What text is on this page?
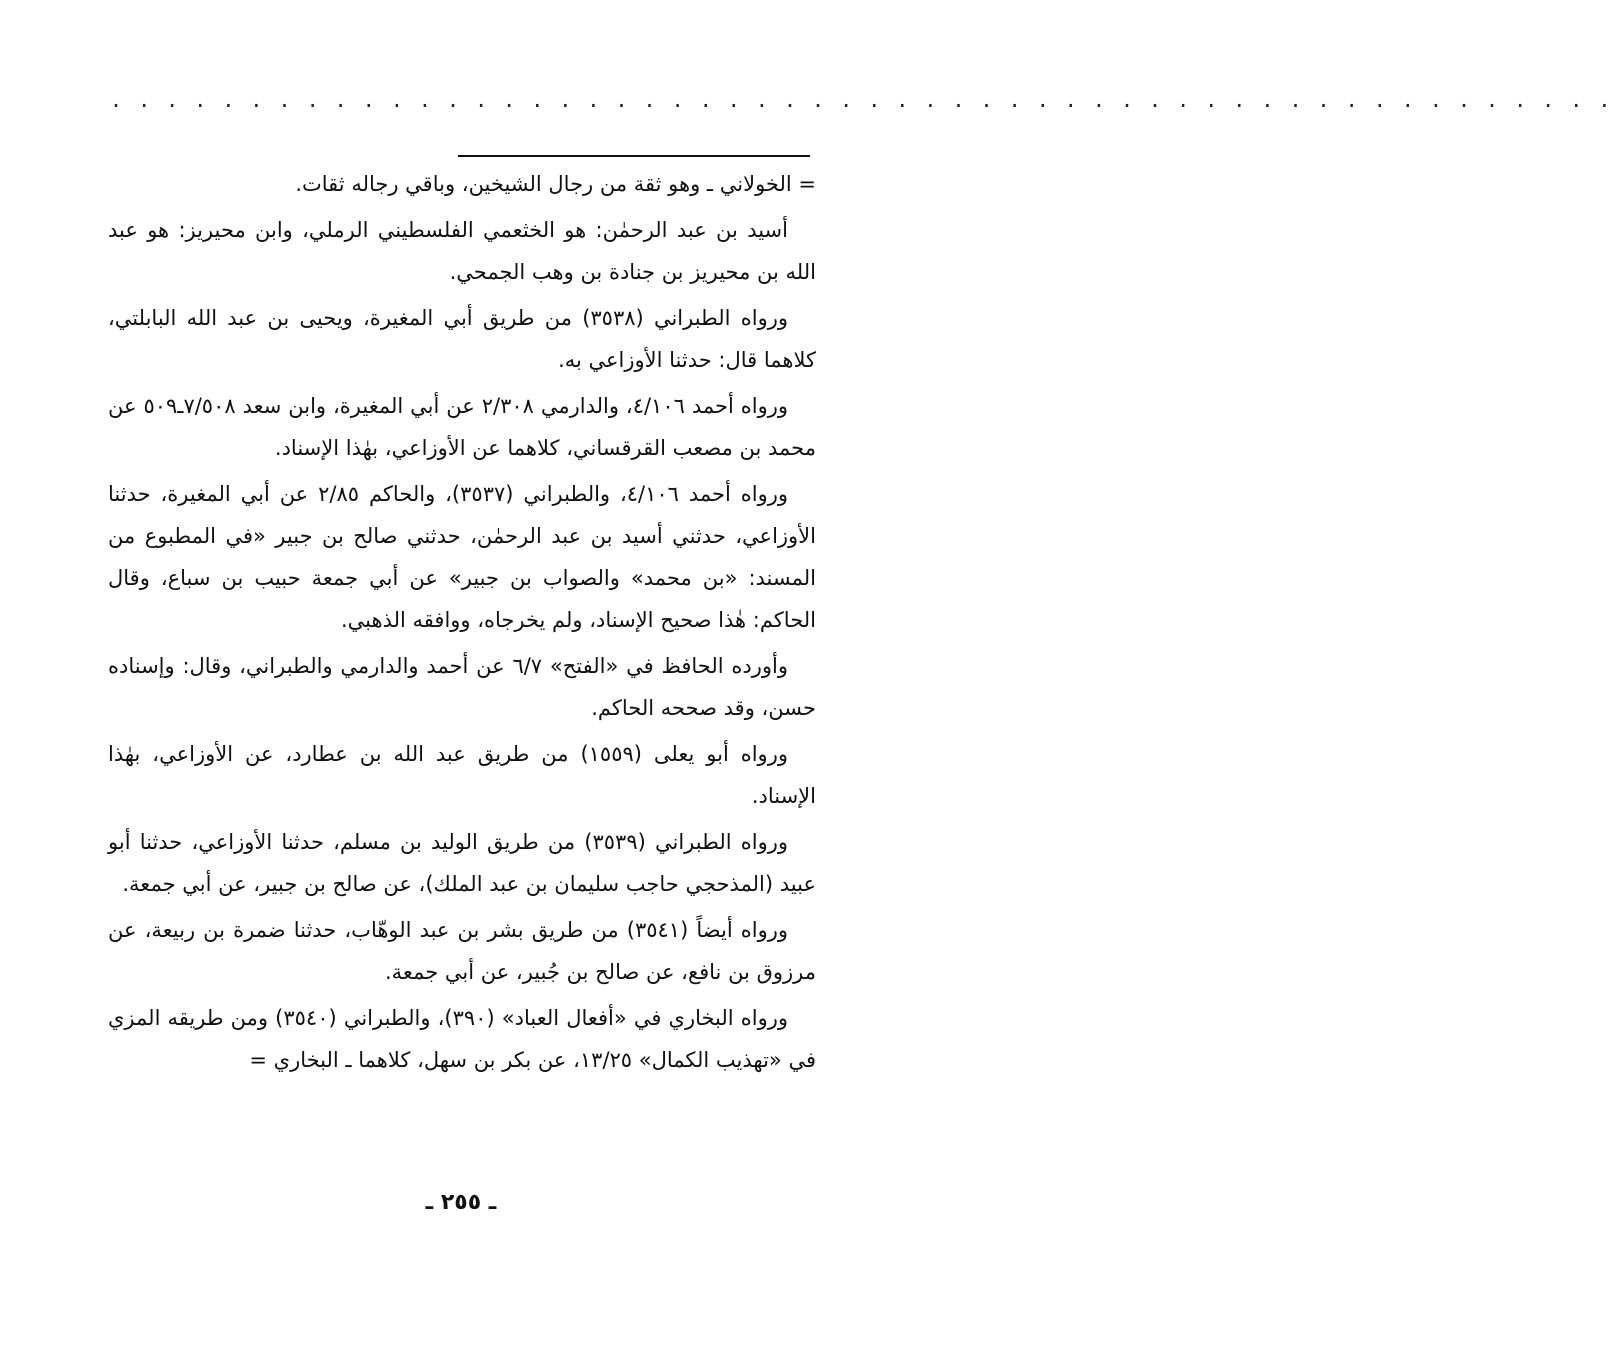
. . . . . . . . . . . . . . . . . . . . . . . . . . . . . . . . . . . . . . . . . . . . . . . . . . . . . .

= الخولاني ـ وهو ثقة من رجال الشيخين، وباقي رجاله ثقات.

أسيد بن عبد الرحمٰن: هو الخثعمي الفلسطيني الرملي، وابن محيريز: هو عبد الله بن محيريز بن جنادة بن وهب الجمحي.

ورواه الطبراني (٣٥٣٨) من طريق أبي المغيرة، ويحيى بن عبد الله البابلتي، كلاهما قال: حدثنا الأوزاعي به.

ورواه أحمد ٤/١٠٦، والدارمي ٢/٣٠٨ عن أبي المغيرة، وابن سعد ٧/٥٠٨ـ٥٠٩ عن محمد بن مصعب القرقساني، كلاهما عن الأوزاعي، بهٰذا الإسناد.

ورواه أحمد ٤/١٠٦، والطبراني (٣٥٣٧)، والحاكم ٢/٨٥ عن أبي المغيرة، حدثنا الأوزاعي، حدثني أسيد بن عبد الرحمٰن، حدثني صالح بن جبير «في المطبوع من المسند: «بن محمد» والصواب بن جبير» عن أبي جمعة حبيب بن سباع، وقال الحاكم: هٰذا صحيح الإسناد، ولم يخرجاه، ووافقه الذهبي.

وأورده الحافظ في «الفتح» ٦/٧ عن أحمد والدارمي والطبراني، وقال: وإسناده حسن، وقد صححه الحاكم.

ورواه أبو يعلى (١٥٥٩) من طريق عبد الله بن عطارد، عن الأوزاعي، بهٰذا الإسناد.

ورواه الطبراني (٣٥٣٩) من طريق الوليد بن مسلم، حدثنا الأوزاعي، حدثنا أبو عبيد (المذحجي حاجب سليمان بن عبد الملك)، عن صالح بن جبير، عن أبي جمعة.

ورواه أيضاً (٣٥٤١) من طريق بشر بن عبد الوهّاب، حدثنا ضمرة بن ربيعة، عن مرزوق بن نافع، عن صالح بن جُبير، عن أبي جمعة.

ورواه البخاري في «أفعال العباد» (٣٩٠)، والطبراني (٣٥٤٠) ومن طريقه المزي في «تهذيب الكمال» ١٣/٢٥، عن بكر بن سهل، كلاهما ـ البخاري =

ـ ٢٥٥ ـ
